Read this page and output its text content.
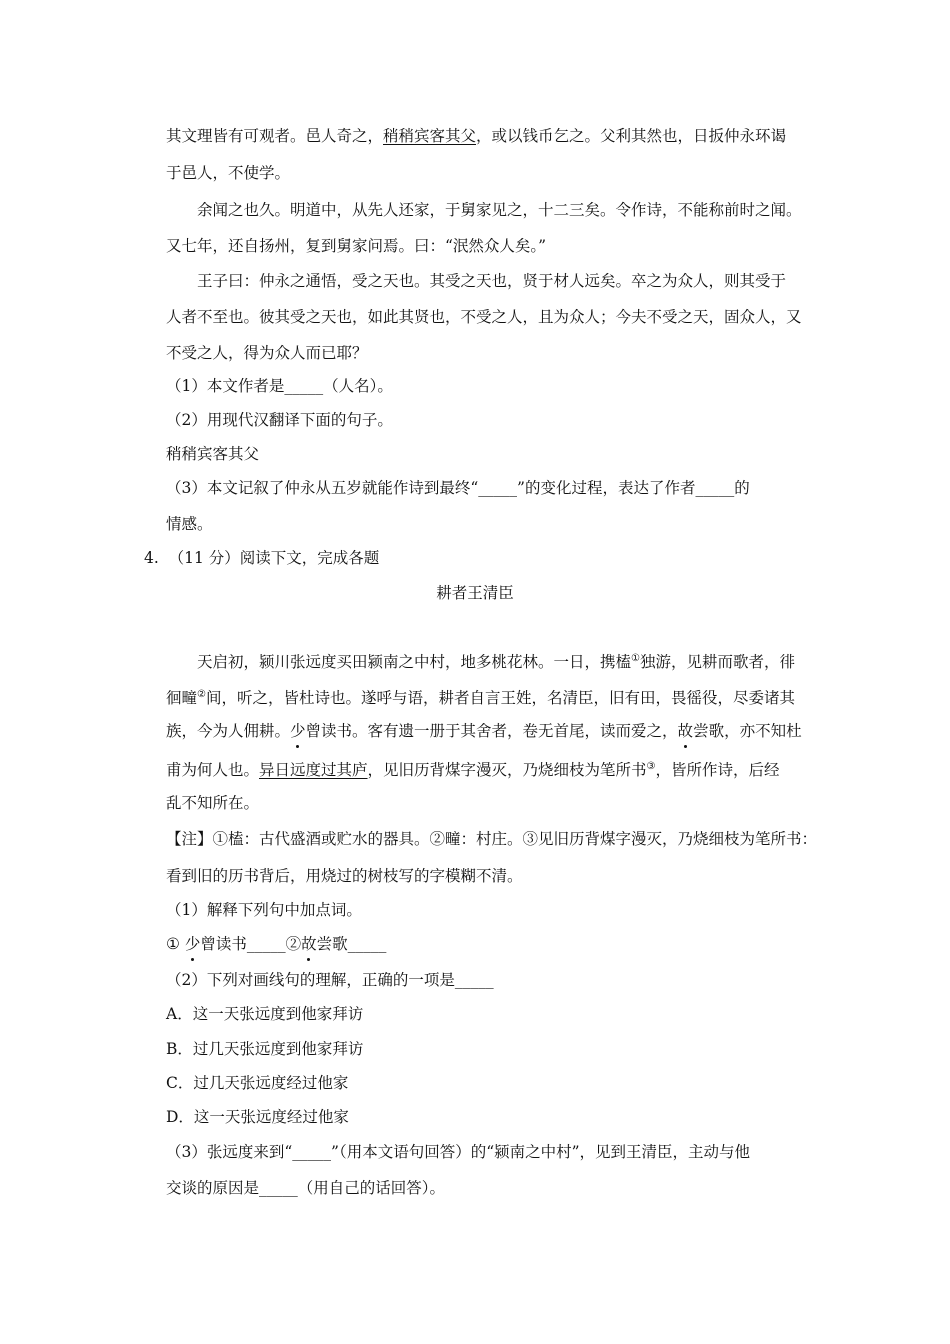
其文理皆有可观者。邑人奇之，稍稍宾客其父，或以钱币乞之。父利其然也，日扳仲永环谒
于邑人，不使学。
余闻之也久。明道中，从先人还家，于舅家见之，十二三矣。令作诗，不能称前时之闻。
又七年，还自扬州，复到舅家问焉。曰：“泯然众人矣。”
王子曰：仲永之通悟，受之天也。其受之天也，贤于材人远矣。卒之为众人，则其受于
人者不至也。彼其受之天也，如此其贤也，不受之人，且为众人；今夫不受之天，固众人，又
不受之人，得为众人而已耶？
（1）本文作者是_____（人名）。
（2）用现代汉翻译下面的句子。
稍稍宾客其父
（3）本文记叙了仲永从五岁就能作诗到最终“_____”的变化过程，表达了作者_____的
情感。
4. （11 分）阅读下文，完成各题
耕者王清臣
天启初，颍川张远度买田颍南之中村，地多桃花林。一日，携榼①独游，见耕而歌者，徘
徊疃②间，听之，皆杜诗也。遂呼与语，耕者自言王姓，名清臣，旧有田，畏徭役，尽委诸其
族，今为人佣耕。少曾读书。客有遗一册于其舍者，卷无首尾，读而爱之，故尝歌，亦不知杜
甫为何人也。异日远度过其庐，见旧历背煤字漫灭，乃烧细枝为笔所书③，皆所作诗，后经
乱不知所在。
【注】①榼：古代盛酒或贮水的器具。②疃：村庄。③见旧历背煤字漫灭，乃烧细枝为笔所书：
看到旧的历书背后，用烧过的树枝写的字模糊不清。
（1）解释下列句中加点词。
① 少曾读书_____②故尝歌_____
（2）下列对画线句的理解，正确的一项是_____
A．这一天张远度到他家拜访
B．过几天张远度到他家拜访
C．过几天张远度经过他家
D．这一天张远度经过他家
（3）张远度来到“_____”（用本文语句回答）的“颍南之中村”，见到王清臣，主动与他
交谈的原因是_____（用自己的话回答）。
